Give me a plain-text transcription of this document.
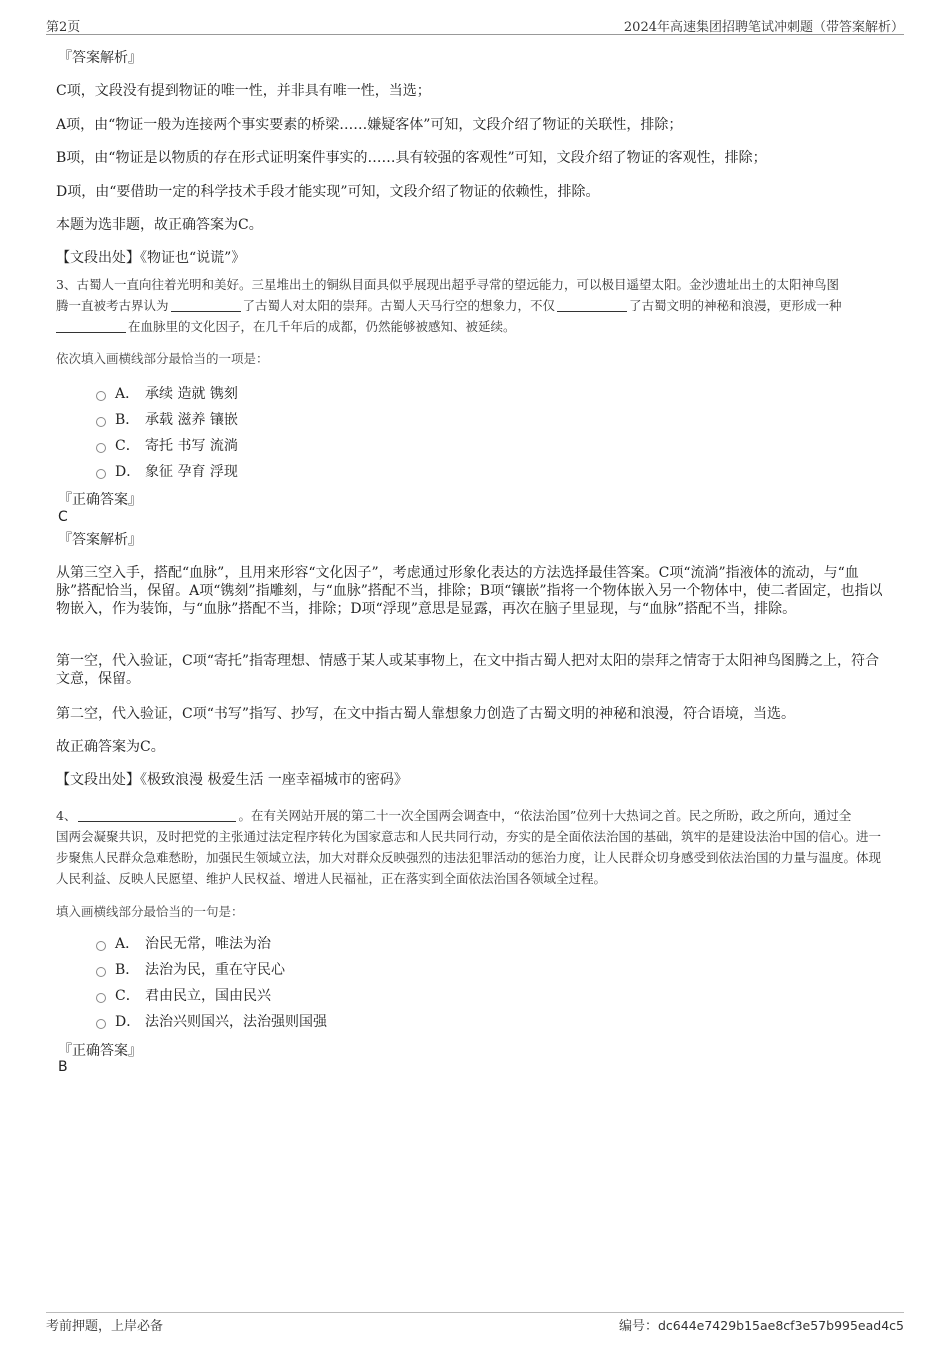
第2页	2024年高速集团招聘笔试冲刺题（带答案解析）
『答案解析』
C项，文段没有提到物证的唯一性，并非具有唯一性，当选；
A项，由“物证一般为连接两个事实要素的桥梁……嫌疑客体”可知，文段介绍了物证的关联性，排除；
B项，由“物证是以物质的存在形式证明案件事实的……具有较强的客观性”可知，文段介绍了物证的客观性，排除；
D项，由“要借助一定的科学技术手段才能实现”可知，文段介绍了物证的依赖性，排除。
本题为选非题，故正确答案为C。
【文段出处】《物证也“说谎”》
3、古蜀人一直向往着光明和美好。三星堆出土的铜纵目面具似乎展现出超乎寻常的望远能力，可以极目遥望太阳。金沙遗址出土的太阳神鸟图
腾一直被考古界认为	了古蜀人对太阳的崇拜。古蜀人天马行空的想象力，不仅	了古蜀文明的神秘和浪漫，更形成一种
在血脉里的文化因子，在几千年后的成都，仍然能够被感知、被延续。
依次填入画横线部分最恰当的一项是：
A． 承续 造就 镌刻
B． 承载 滋养 镶嵌
C． 寄托 书写 流淌
D． 象征 孕育 浮现
『正确答案』
C
『答案解析』
从第三空入手，搭配“血脉”，且用来形容“文化因子”，考虑通过形象化表达的方法选择最佳答案。C项“流淌”指液体的流动，与“血脉”搭配恰当，保留。A项“镌刻”指雕刻，与“血脉”搭配不当，排除；B项“镶嵌”指将一个物体嵌入另一个物体中，使二者固定，也指以物嵌入，作为装饰，与“血脉”搭配不当，排除；D项“浮现”意思是显露，再次在脑子里显现，与“血脉”搭配不当，排除。
第一空，代入验证，C项“寄托”指寄理想、情感于某人或某事物上，在文中指古蜀人把对太阳的崇拜之情寄于太阳神鸟图腾之上，符合文意，保留。
第二空，代入验证，C项“书写”指写、抄写，在文中指古蜀人靠想象力创造了古蜀文明的神秘和浪漫，符合语境，当选。
故正确答案为C。
【文段出处】《极致浪漫 极爱生活 一座幸福城市的密码》
4、	。在有关网站开展的第二十一次全国两会调查中，“依法治国”位列十大热词之首。民之所盼，政之所向，通过全
国两会凝聚共识，及时把党的主张通过法定程序转化为国家意志和人民共同行动，夯实的是全面依法治国的基础，筑牢的是建设法治中国的信心。进一步聚焦人民群众急难愁盼，加强民生领域立法，加大对群众反映强烈的违法犯罪活动的惩治力度，让人民群众切身感受到依法治国的力量与温度。体现人民利益、反映人民愿望、维护人民权益、增进人民福祉，正在落实到全面依法治国各领域全过程。
填入画横线部分最恰当的一句是：
A． 治民无常，唯法为治
B． 法治为民，重在守民心
C． 君由民立，国由民兴
D． 法治兴则国兴，法治强则国强
『正确答案』
B
考前押题，上岸必备	编号：dc644e7429b15ae8cf3e57b995ead4c5
